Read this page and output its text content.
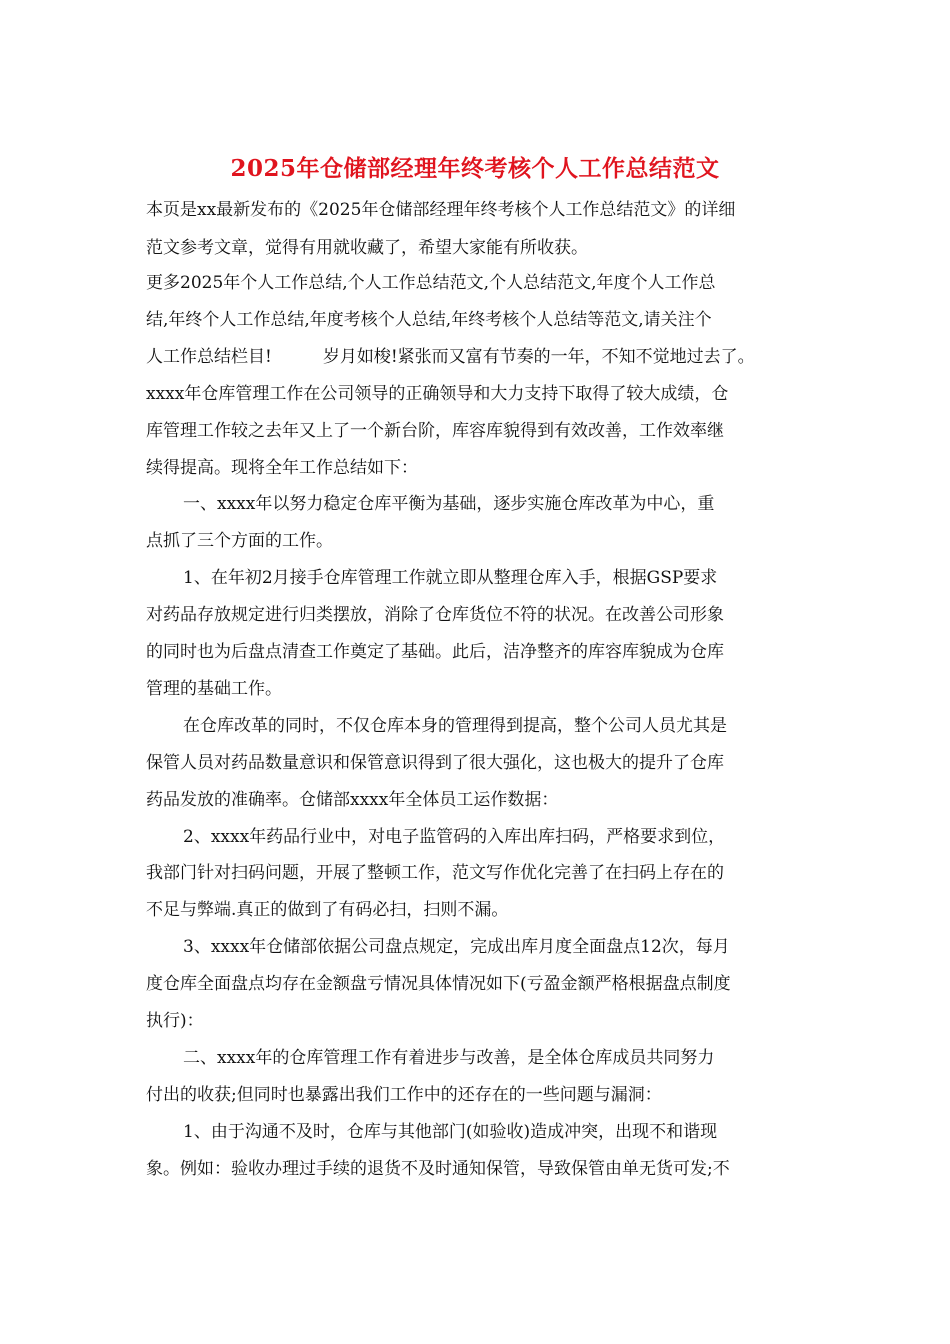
2025年仓储部经理年终考核个人工作总结范文
本页是xx最新发布的《2025年仓储部经理年终考核个人工作总结范文》的详细
范文参考文章，觉得有用就收藏了，希望大家能有所收获。
更多2025年个人工作总结,个人工作总结范文,个人总结范文,年度个人工作总
结,年终个人工作总结,年度考核个人总结,年终考核个人总结等范文,请关注个
人工作总结栏目!　　　岁月如梭!紧张而又富有节奏的一年，不知不觉地过去了。
xxxx年仓库管理工作在公司领导的正确领导和大力支持下取得了较大成绩，仓
库管理工作较之去年又上了一个新台阶，库容库貌得到有效改善，工作效率继
续得提高。现将全年工作总结如下：
一、xxxx年以努力稳定仓库平衡为基础，逐步实施仓库改革为中心，重
点抓了三个方面的工作。
1、在年初2月接手仓库管理工作就立即从整理仓库入手，根据GSP要求
对药品存放规定进行归类摆放，消除了仓库货位不符的状况。在改善公司形象
的同时也为后盘点清查工作奠定了基础。此后，洁净整齐的库容库貌成为仓库
管理的基础工作。
在仓库改革的同时，不仅仓库本身的管理得到提高，整个公司人员尤其是
保管人员对药品数量意识和保管意识得到了很大强化，这也极大的提升了仓库
药品发放的准确率。仓储部xxxx年全体员工运作数据：
2、xxxx年药品行业中，对电子监管码的入库出库扫码，严格要求到位，
我部门针对扫码问题，开展了整顿工作，范文写作优化完善了在扫码上存在的
不足与弊端.真正的做到了有码必扫，扫则不漏。
3、xxxx年仓储部依据公司盘点规定，完成出库月度全面盘点12次，每月
度仓库全面盘点均存在金额盘亏情况具体情况如下(亏盈金额严格根据盘点制度
执行)：
二、xxxx年的仓库管理工作有着进步与改善，是全体仓库成员共同努力
付出的收获;但同时也暴露出我们工作中的还存在的一些问题与漏洞：
1、由于沟通不及时，仓库与其他部门(如验收)造成冲突，出现不和谐现
象。例如：验收办理过手续的退货不及时通知保管，导致保管由单无货可发;不
